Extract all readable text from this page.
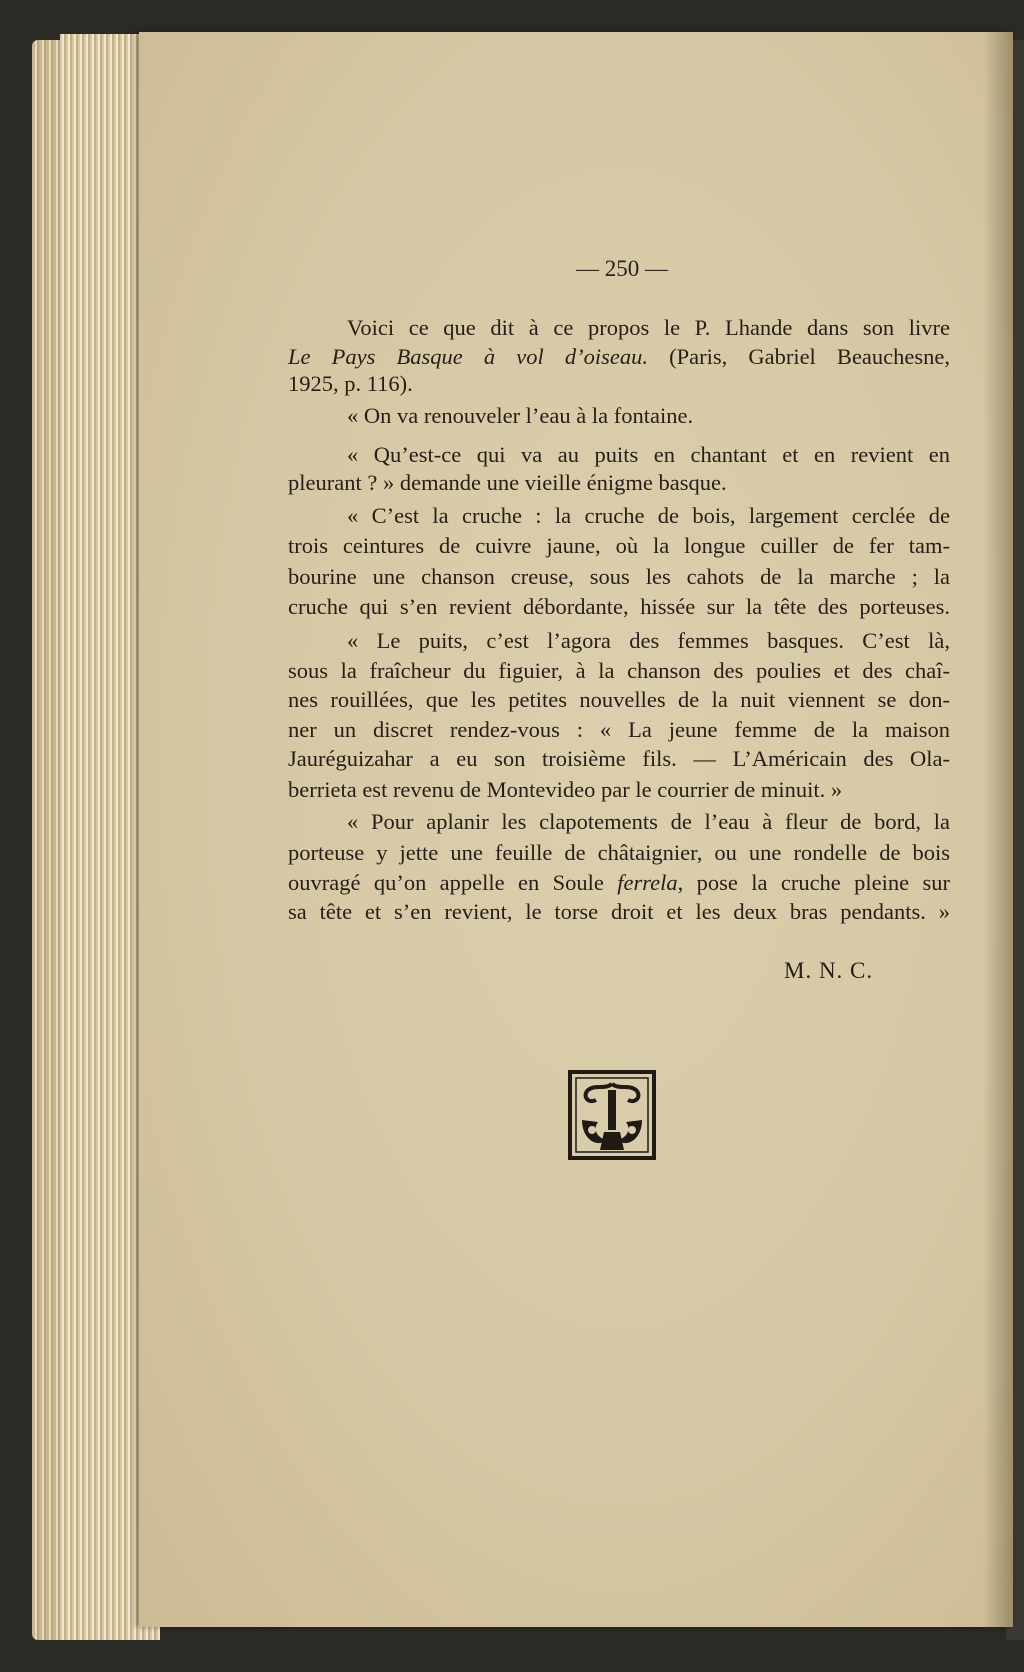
— 250 —
Voici ce que dit à ce propos le P. Lhande dans son livre
Le Pays Basque à vol d’oiseau. (Paris, Gabriel Beauchesne,
1925, p. 116).
« On va renouveler l’eau à la fontaine.
« Qu’est-ce qui va au puits en chantant et en revient en
pleurant ? » demande une vieille énigme basque.
« C’est la cruche : la cruche de bois, largement cerclée de
trois ceintures de cuivre jaune, où la longue cuiller de fer tam-
bourine une chanson creuse, sous les cahots de la marche ; la
cruche qui s’en revient débordante, hissée sur la tête des porteuses.
« Le puits, c’est l’agora des femmes basques. C’est là,
sous la fraîcheur du figuier, à la chanson des poulies et des chaî-
nes rouillées, que les petites nouvelles de la nuit viennent se don-
ner un discret rendez-vous : « La jeune femme de la maison
Jauréguizahar a eu son troisième fils. — L’Américain des Ola-
berrieta est revenu de Montevideo par le courrier de minuit. »
« Pour aplanir les clapotements de l’eau à fleur de bord, la
porteuse y jette une feuille de châtaignier, ou une rondelle de bois
ouvragé qu’on appelle en Soule ferrela, pose la cruche pleine sur
sa tête et s’en revient, le torse droit et les deux bras pendants. »
M. N. C.
